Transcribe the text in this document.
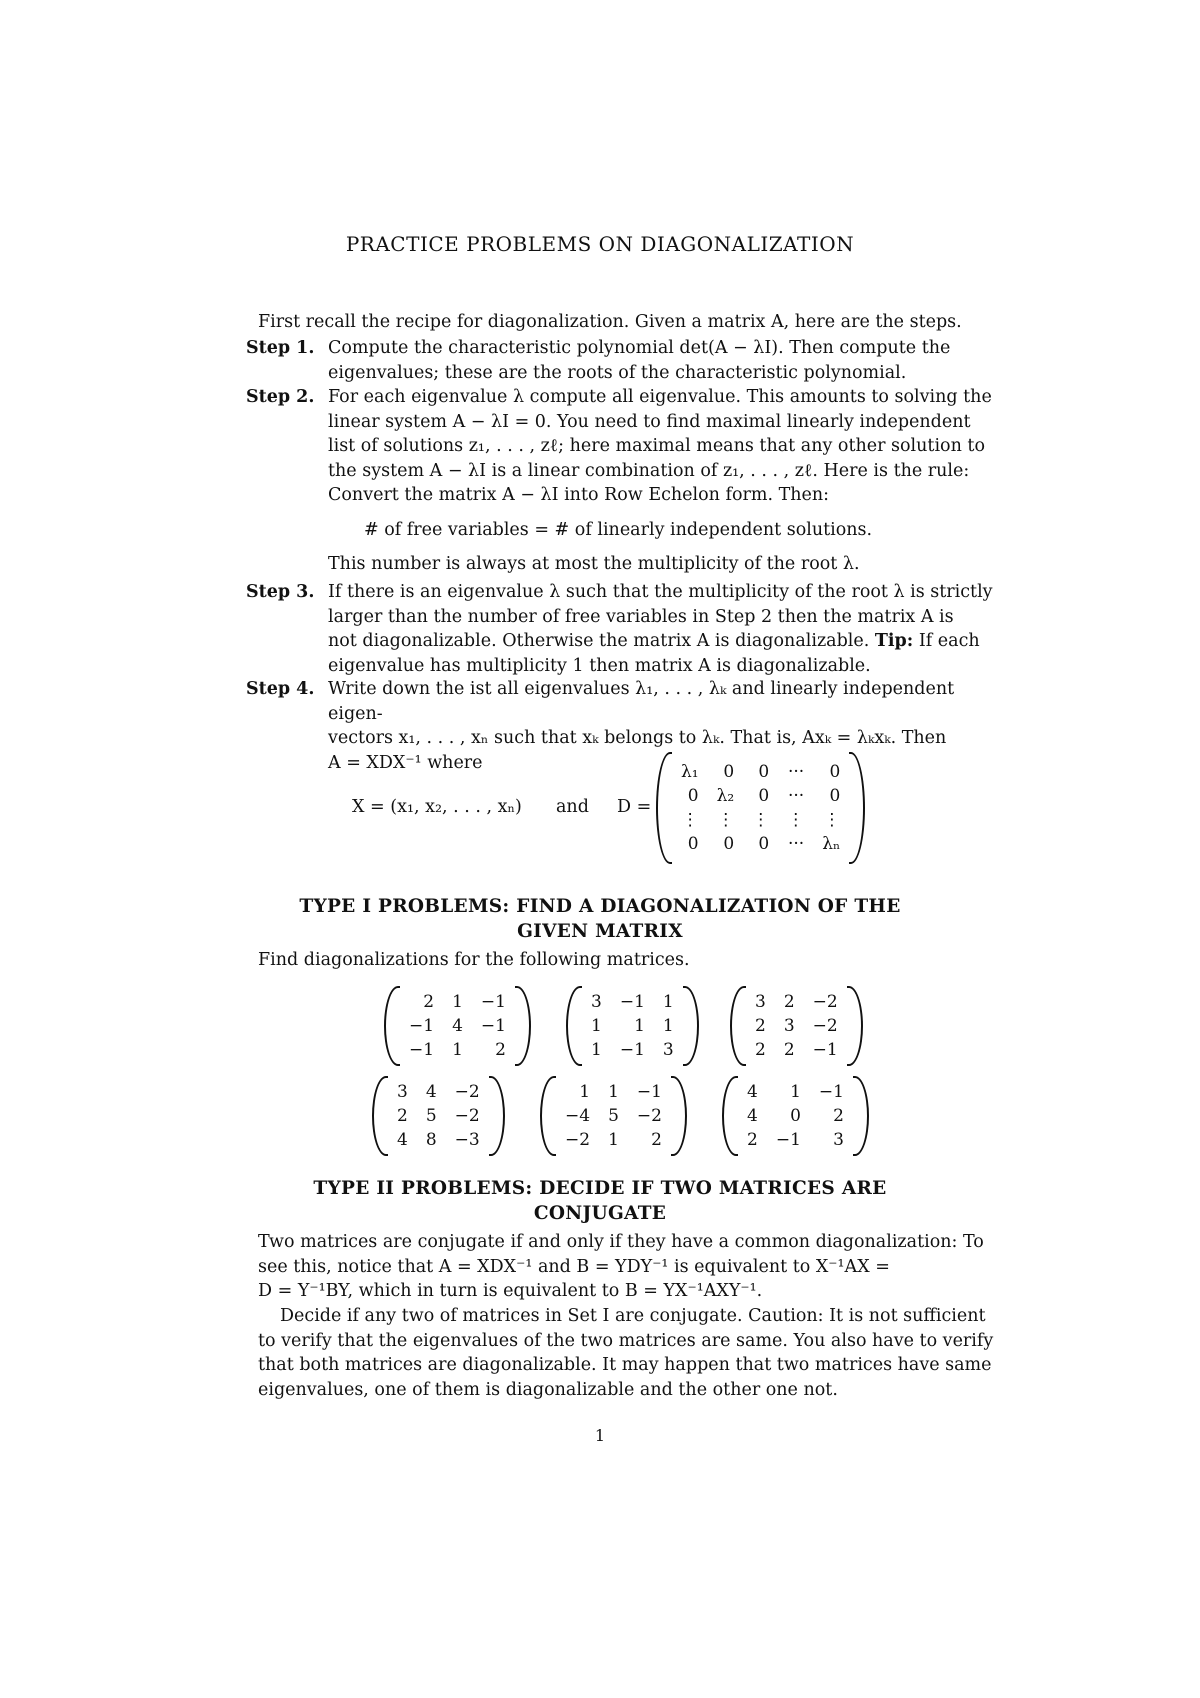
PRACTICE PROBLEMS ON DIAGONALIZATION
First recall the recipe for diagonalization. Given a matrix A, here are the steps.
Step 1. Compute the characteristic polynomial det(A − λI). Then compute the
eigenvalues; these are the roots of the characteristic polynomial.
Step 2. For each eigenvalue λ compute all eigenvalue. This amounts to solving the
linear system A − λI = 0. You need to find maximal linearly independent
list of solutions z₁, . . . , zℓ; here maximal means that any other solution to
the system A − λI is a linear combination of z₁, . . . , zℓ. Here is the rule:
Convert the matrix A − λI into Row Echelon form. Then:
# of free variables = # of linearly independent solutions.
This number is always at most the multiplicity of the root λ.
Step 3. If there is an eigenvalue λ such that the multiplicity of the root λ is strictly
larger than the number of free variables in Step 2 then the matrix A is
not diagonalizable. Otherwise the matrix A is diagonalizable. Tip: If each
eigenvalue has multiplicity 1 then matrix A is diagonalizable.
Step 4. Write down the ist all eigenvalues λ₁, . . . , λₖ and linearly independent eigen-
vectors x₁, . . . , xₙ such that xₖ belongs to λₖ. That is, Axₖ = λₖxₖ. Then
A = XDX⁻¹ where
X = (x₁, x₂, . . . , xₙ) and D =
λ₁	0	0	···	0
0	λ₂	0	···	0
⋮	⋮	⋮	⋮	⋮
0	0	0	···	λₙ
TYPE I PROBLEMS: FIND A DIAGONALIZATION OF THE
GIVEN MATRIX
Find diagonalizations for the following matrices.
2	1	−1
−1	4	−1
−1	1	2
3	−1	1
1	1	1
1	−1	3
3	2	−2
2	3	−2
2	2	−1
3	4	−2
2	5	−2
4	8	−3
1	1	−1
−4	5	−2
−2	1	2
4	1	−1
4	0	2
2	−1	3
TYPE II PROBLEMS: DECIDE IF TWO MATRICES ARE
CONJUGATE
Two matrices are conjugate if and only if they have a common diagonalization: To
see this, notice that A = XDX⁻¹ and B = YDY⁻¹ is equivalent to X⁻¹AX =
D = Y⁻¹BY, which in turn is equivalent to B = YX⁻¹AXY⁻¹.
Decide if any two of matrices in Set I are conjugate. Caution: It is not sufficient
to verify that the eigenvalues of the two matrices are same. You also have to verify
that both matrices are diagonalizable. It may happen that two matrices have same
eigenvalues, one of them is diagonalizable and the other one not.
1
